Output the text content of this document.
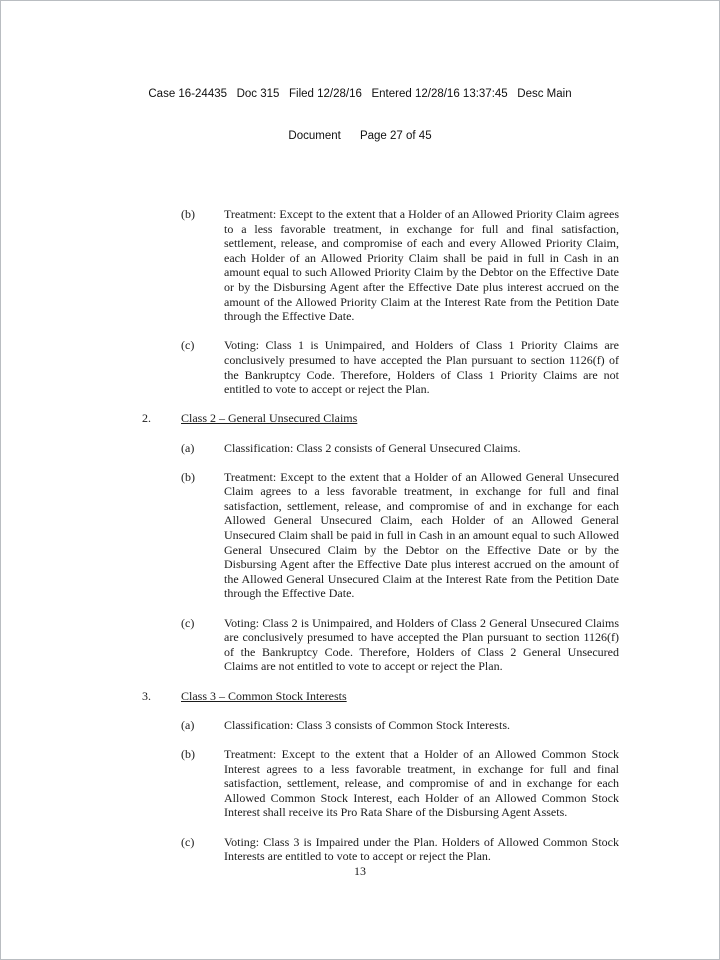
Case 16-24435   Doc 315   Filed 12/28/16   Entered 12/28/16 13:37:45   Desc Main

Document      Page 27 of 45

(b)	Treatment: Except to the extent that a Holder of an Allowed Priority Claim agrees to a less favorable treatment, in exchange for full and final satisfaction, settlement, release, and compromise of each and every Allowed Priority Claim, each Holder of an Allowed Priority Claim shall be paid in full in Cash in an amount equal to such Allowed Priority Claim by the Debtor on the Effective Date or by the Disbursing Agent after the Effective Date plus interest accrued on the amount of the Allowed Priority Claim at the Interest Rate from the Petition Date through the Effective Date.
(c)	Voting: Class 1 is Unimpaired, and Holders of Class 1 Priority Claims are conclusively presumed to have accepted the Plan pursuant to section 1126(f) of the Bankruptcy Code. Therefore, Holders of Class 1 Priority Claims are not entitled to vote to accept or reject the Plan.
2.	Class 2 – General Unsecured Claims
(a)	Classification: Class 2 consists of General Unsecured Claims.
(b)	Treatment: Except to the extent that a Holder of an Allowed General Unsecured Claim agrees to a less favorable treatment, in exchange for full and final satisfaction, settlement, release, and compromise of and in exchange for each Allowed General Unsecured Claim, each Holder of an Allowed General Unsecured Claim shall be paid in full in Cash in an amount equal to such Allowed General Unsecured Claim by the Debtor on the Effective Date or by the Disbursing Agent after the Effective Date plus interest accrued on the amount of the Allowed General Unsecured Claim at the Interest Rate from the Petition Date through the Effective Date.
(c)	Voting: Class 2 is Unimpaired, and Holders of Class 2 General Unsecured Claims are conclusively presumed to have accepted the Plan pursuant to section 1126(f) of the Bankruptcy Code. Therefore, Holders of Class 2 General Unsecured Claims are not entitled to vote to accept or reject the Plan.
3.	Class 3 – Common Stock Interests
(a)	Classification: Class 3 consists of Common Stock Interests.
(b)	Treatment: Except to the extent that a Holder of an Allowed Common Stock Interest agrees to a less favorable treatment, in exchange for full and final satisfaction, settlement, release, and compromise of and in exchange for each Allowed Common Stock Interest, each Holder of an Allowed Common Stock Interest shall receive its Pro Rata Share of the Disbursing Agent Assets.
(c)	Voting: Class 3 is Impaired under the Plan. Holders of Allowed Common Stock Interests are entitled to vote to accept or reject the Plan.
13
